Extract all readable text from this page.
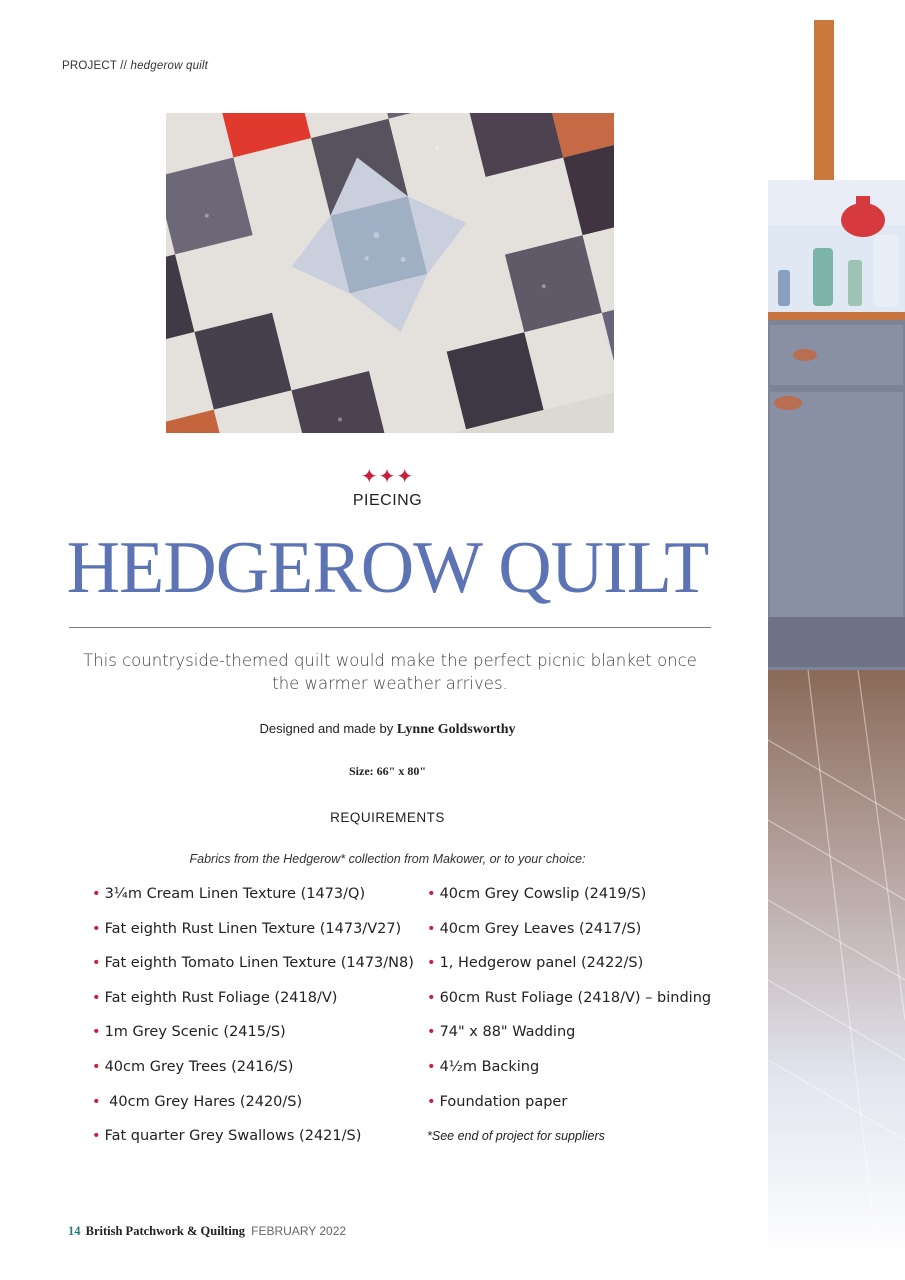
PROJECT // hedgerow quilt
✦✦✦
PIECING
HEDGEROW QUILT
This countryside-themed quilt would make the perfect picnic blanket once the warmer weather arrives.
Designed and made by Lynne Goldsworthy
Size: 66" x 80"
REQUIREMENTS
Fabrics from the Hedgerow* collection from Makower, or to your choice:
• 3¼m Cream Linen Texture (1473/Q)
• Fat eighth Rust Linen Texture (1473/V27)
• Fat eighth Tomato Linen Texture (1473/N8)
• Fat eighth Rust Foliage (2418/V)
• 1m Grey Scenic (2415/S)
• 40cm Grey Trees (2416/S)
• 40cm Grey Hares (2420/S)
• Fat quarter Grey Swallows (2421/S)
• 40cm Grey Cowslip (2419/S)
• 40cm Grey Leaves (2417/S)
• 1, Hedgerow panel (2422/S)
• 60cm Rust Foliage (2418/V) – binding
• 74" x 88" Wadding
• 4½m Backing
• Foundation paper
*See end of project for suppliers
14 British Patchwork & Quilting FEBRUARY 2022
